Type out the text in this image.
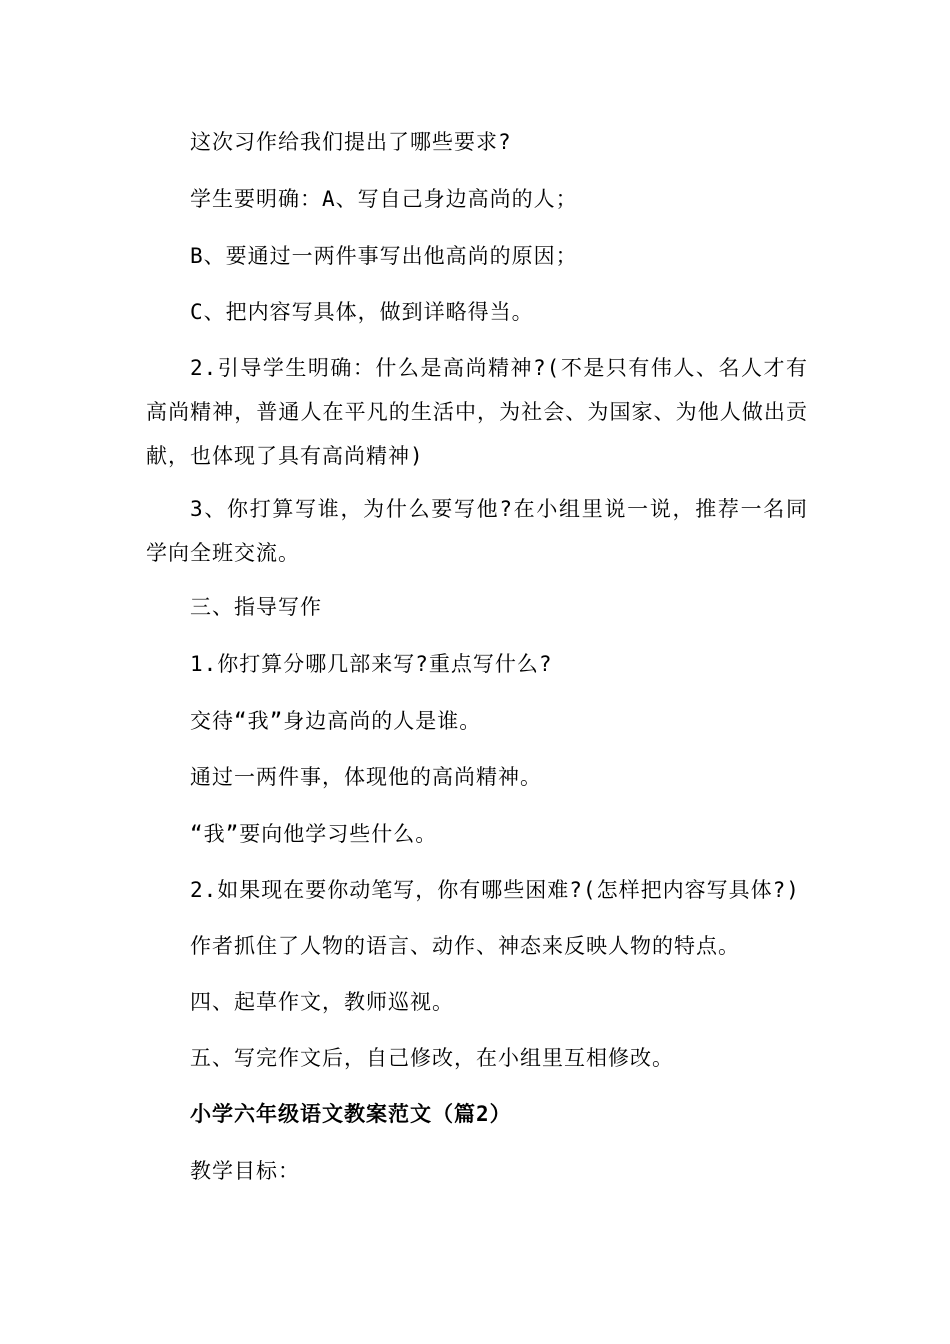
这次习作给我们提出了哪些要求?
学生要明确：A、写自己身边高尚的人；
B、要通过一两件事写出他高尚的原因；
C、把内容写具体，做到详略得当。

2.引导学生明确：什么是高尚精神?(不是只有伟人、名人才有高尚精神，普通人在平凡的生活中，为社会、为国家、为他人做出贡献，也体现了具有高尚精神)

3、你打算写谁，为什么要写他?在小组里说一说，推荐一名同学向全班交流。

三、指导写作
1.你打算分哪几部来写?重点写什么?
交待“我”身边高尚的人是谁。
通过一两件事，体现他的高尚精神。
“我”要向他学习些什么。
2.如果现在要你动笔写，你有哪些困难?(怎样把内容写具体?)
作者抓住了人物的语言、动作、神态来反映人物的特点。
四、起草作文，教师巡视。
五、写完作文后，自己修改，在小组里互相修改。
小学六年级语文教案范文（篇2）
教学目标：
